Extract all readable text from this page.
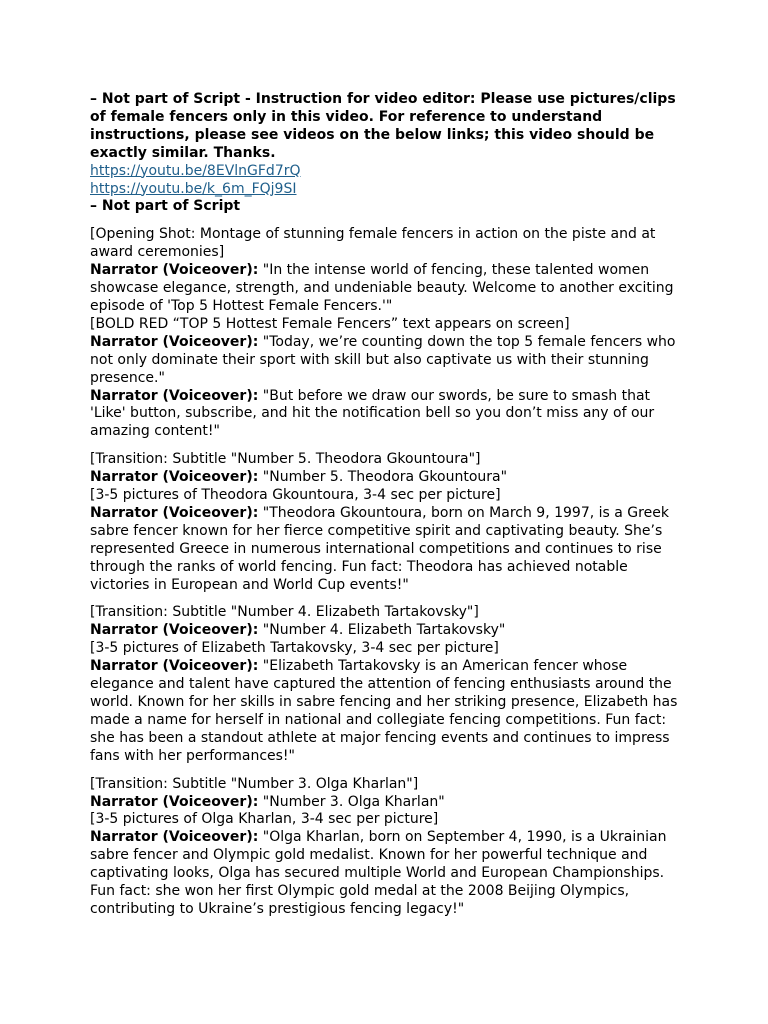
– Not part of Script - Instruction for video editor: Please use pictures/clips of female fencers only in this video. For reference to understand instructions, please see videos on the below links; this video should be exactly similar. Thanks.
https://youtu.be/8EVlnGFd7rQ
https://youtu.be/k_6m_FQj9SI
– Not part of Script
[Opening Shot: Montage of stunning female fencers in action on the piste and at award ceremonies]
Narrator (Voiceover): "In the intense world of fencing, these talented women showcase elegance, strength, and undeniable beauty. Welcome to another exciting episode of 'Top 5 Hottest Female Fencers.'"
[BOLD RED “TOP 5 Hottest Female Fencers” text appears on screen]
Narrator (Voiceover): "Today, we’re counting down the top 5 female fencers who not only dominate their sport with skill but also captivate us with their stunning presence."
Narrator (Voiceover): "But before we draw our swords, be sure to smash that 'Like' button, subscribe, and hit the notification bell so you don’t miss any of our amazing content!"
[Transition: Subtitle "Number 5. Theodora Gkountoura"]
Narrator (Voiceover): "Number 5. Theodora Gkountoura"
[3-5 pictures of Theodora Gkountoura, 3-4 sec per picture]
Narrator (Voiceover): "Theodora Gkountoura, born on March 9, 1997, is a Greek sabre fencer known for her fierce competitive spirit and captivating beauty. She’s represented Greece in numerous international competitions and continues to rise through the ranks of world fencing. Fun fact: Theodora has achieved notable victories in European and World Cup events!"
[Transition: Subtitle "Number 4. Elizabeth Tartakovsky"]
Narrator (Voiceover): "Number 4. Elizabeth Tartakovsky"
[3-5 pictures of Elizabeth Tartakovsky, 3-4 sec per picture]
Narrator (Voiceover): "Elizabeth Tartakovsky is an American fencer whose elegance and talent have captured the attention of fencing enthusiasts around the world. Known for her skills in sabre fencing and her striking presence, Elizabeth has made a name for herself in national and collegiate fencing competitions. Fun fact: she has been a standout athlete at major fencing events and continues to impress fans with her performances!"
[Transition: Subtitle "Number 3. Olga Kharlan"]
Narrator (Voiceover): "Number 3. Olga Kharlan"
[3-5 pictures of Olga Kharlan, 3-4 sec per picture]
Narrator (Voiceover): "Olga Kharlan, born on September 4, 1990, is a Ukrainian sabre fencer and Olympic gold medalist. Known for her powerful technique and captivating looks, Olga has secured multiple World and European Championships. Fun fact: she won her first Olympic gold medal at the 2008 Beijing Olympics, contributing to Ukraine’s prestigious fencing legacy!"
